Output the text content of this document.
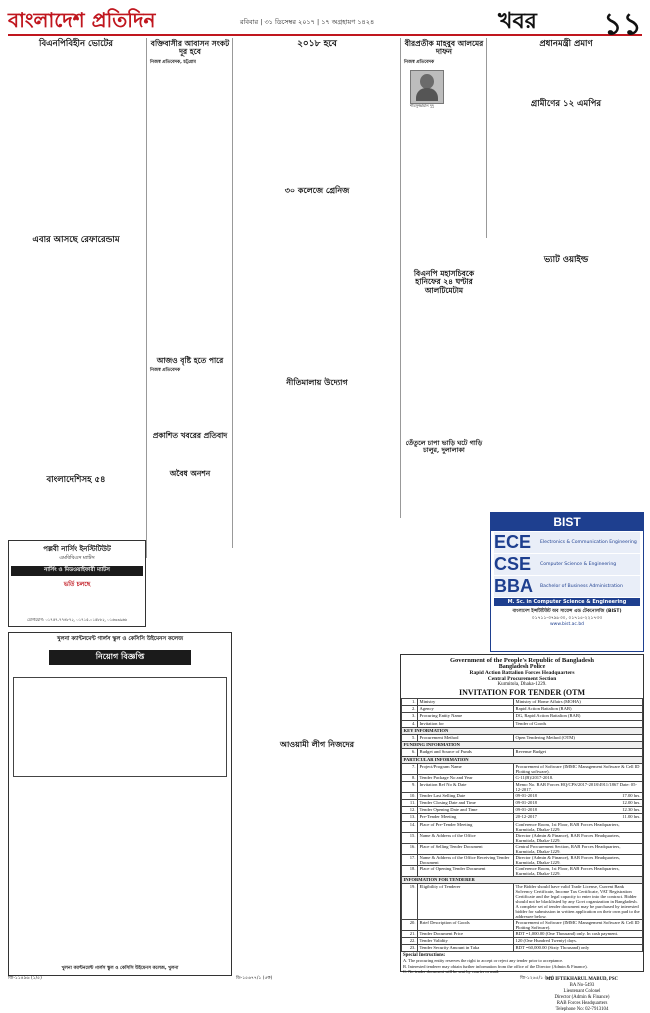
বাংলাদেশ প্রতিদিন	রবিবার | ৩১ ডিসেম্বর ২০১৭ | ১৭ অগ্রহায়ণ ১৪২৪	খবর ১১
বিএনপিবিহীন ভোটের

এবার আসছে রেফারেন্ডাম
বাংলাদেশিসহ ৫৪
বক্তিবাসীর আবাসন সংকট দূর হবে
নিজস্ব প্রতিবেদক, চট্টগ্রাম
আজও বৃষ্টি হতে পারে
নিজস্ব প্রতিবেদক
প্রকাশিত খবরের প্রতিবাদ
অবৈধ অনশন
২০১৮ হবে
৩০ কলেজে গ্রেনিজ
নীতিমালায় উদ্যোগ
আওয়ামী লীগ নিজদের
বীরপ্রতীক মাহবুব আলমের দাফন
নিজস্ব প্রতিবেদক
শামসুজ্জামান দুদু
বিএনপি মহাসচিবকে হানিফের ২৪ ঘণ্টার আলটিমেটাম
তেঁতুলে চাপা ভাড়ি ঘটে গাড়ি চালুর, দুলালাকা
প্রধানমন্ত্রী প্রমাণ
গ্রামীণের ১২ এমপির
ভ্যাট ওয়াইল্ড
পল্লবী নার্সিং ইনস্টিটিউট
এমবিবিএস ম্যাটস
নার্সিং ও মিডওয়াইফারী ম্যাটস
ভর্তি চলছে
যোগাযোগ: ০১৭৫৭-৭৭৪৮৭২, ০১৭১৫-০১৫৮৮২, ০১৬৩৩৯৬৬
খুলনা ক্যান্টনমেন্ট গার্লস স্কুল ও কেসিসি উইমেনস কলেজ
নিয়োগ বিজ্ঞপ্তি
খুলনা ক্যান্টনমেন্ট গার্লস স্কুল ও কেসিসি উইমেনস কলেজ, খুলনা
BIST
ECE	Electronics & Communication Engineering
CSE	Computer Science & Engineering
BBA	Bachelor of Business Administration
M. Sc. in Computer Science & Engineering
বাংলাদেশ ইন্সটিটিউট অব সায়েন্স এন্ড টেকনোলজি (BIST)
০১৭১১-৩৭৯৮৩০, ০১৭১৫-২২১৭৩৩
www.bist.ac.bd
Government of the People's Republic of Bangladesh
Bangladesh Police
Rapid Action Battalion Forces Headquarters
Central Procurement Section
Kurmitola, Dhaka-1229.
INVITATION FOR TENDER (OTM
1.	Ministry	Ministry of Home Affairs (MOHA)
2.	Agency	Rapid Action Battalion (RAB)
3.	Procuring Entity Name	DG, Rapid Action Battalion (RAB)
4.	Invitation for	Tender of Goods
KEY INFORMATION		
5.	Procurement Method	Open Tendering Method (OTM)
FUNDING INFORMATION		
6.	Budget and Source of Funds	Revenue Budget
PARTICULAR INFORMATION		
7.	Project/Program Name	Procurement of Software (IMMC Management Software & Cell ID Plotting software).
8.	Tender Package No and Year	G-11(B)/2017-2018.
9.	Invitation Ref No & Date	Memo No. RAB Forces HQ/CPS/2017-2018/4911/1867 Date: 05-12-2017.
10.	Tender Last Selling Date	09-01-2018 17.00 hrs.

11.	Tender Closing Date and Time	09-01-2018 12.00 hrs.

12.	Tender Opening Date and Time	09-01-2018 12.30 hrs.

13.	Pre-Tender Meeting	20-12-2017 11.00 hrs.

14.	Place of Pre-Tender Meeting	Conference Room, 1st Floor, RAB Forces Headquarters, Kurmitola, Dhaka-1229.
15.	Name & Address of the Office	Director (Admin & Finance), RAB Forces Headquarters, Kurmitola, Dhaka-1229.
16.	Place of Selling Tender Document	Central Procurement Section, RAB Forces Headquarters, Kurmitola, Dhaka-1229.
17.	Name & Address of the Office Receiving Tender Document	Director (Admin & Finance), RAB Forces Headquarters, Kurmitola, Dhaka-1229.
18.	Place of Opening Tender Document	Conference Room, 1st Floor, RAB Forces Headquarters, Kurmitola, Dhaka-1229.
INFORMATION FOR TENDERER		
19.	Eligibility of Tenderer	The Bidder should have valid Trade License, Current Bank Solvency Certificate, Income Tax Certificate, VAT Registration Certificate and the legal capacity to enter into the contract. Bidder should not be blacklisted by any Govt organization in Bangladesh. A complete set of tender document may be purchased by interested bidder for submission in written application on their own pad to the addressee below.
20.	Brief Description of Goods	Procurement of Software (IMMC Management Software & Cell ID Plotting Software).
21.	Tender Document Price	BDT =1,000.00 (One Thousand) only. In cash payment.
22.	Tender Validity	120 (One Hundred Twenty) days.
23.	Tender Security Amount in Taka	BDT =60,000.00 (Sixty Thousand) only
Special Instructions:
A. The procuring entity reserves the right to accept or reject any tender prior to acceptance.
B. Interested tenderer may obtain further information from the office of the Director (Admin & Finance).
C. No tender document will be sent by courier or mail.
MD IFTEKHARUL MABUD, PSC
BA No-5493
Lieutenant Colonel
Director (Admin & Finance)
RAB Forces Headquarters
Telephone No: 02-7913104
জি-১১৪৯৬ (১/৫)	ডি-১৫৬৭৭/১ (৫ক)	জি-১২৬৫/১ (৮৭)
